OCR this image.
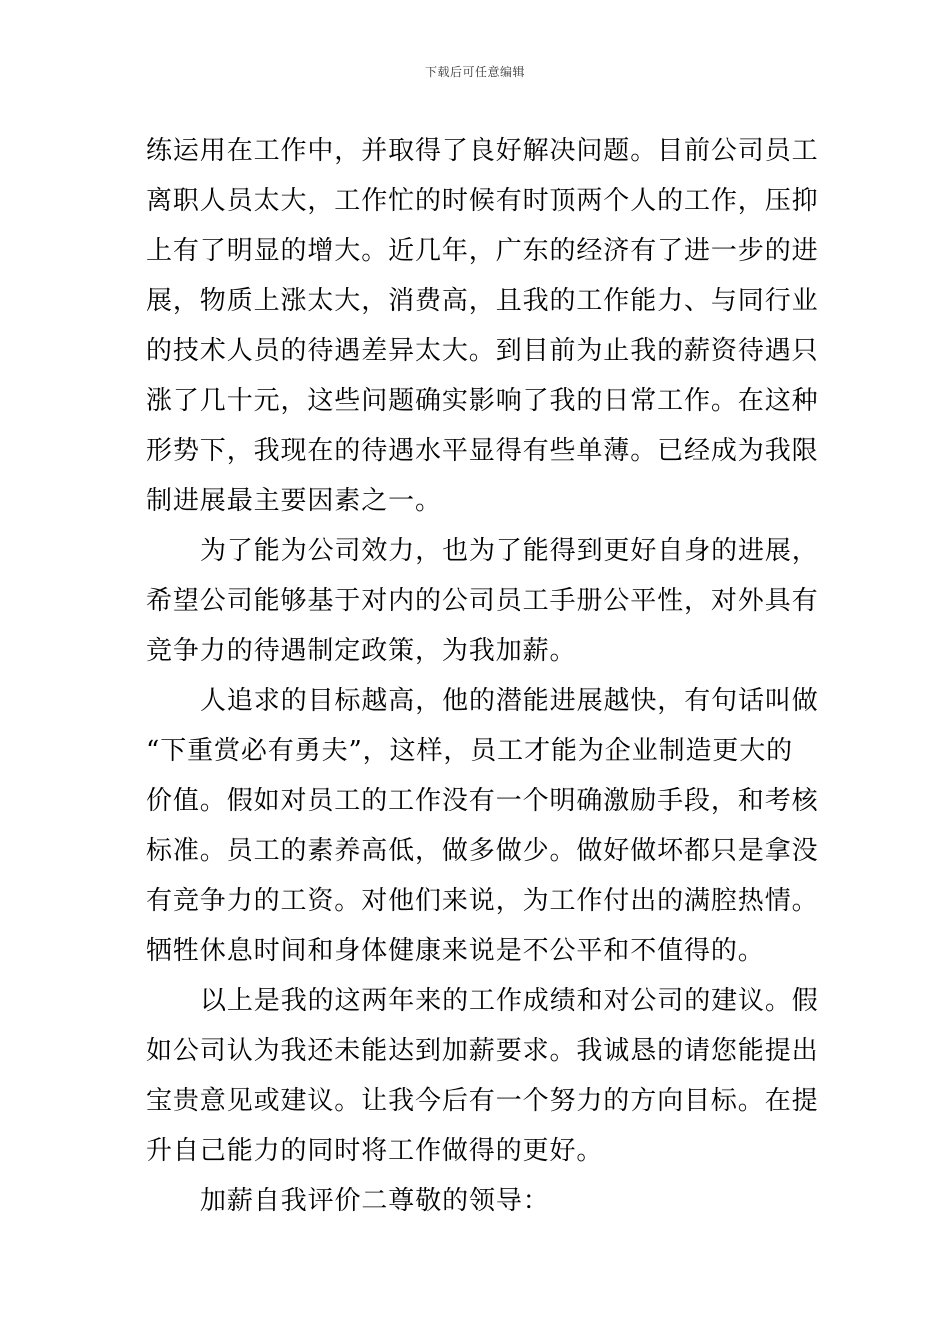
下载后可任意编辑
练运用在工作中，并取得了良好解决问题。目前公司员工
离职人员太大，工作忙的时候有时顶两个人的工作，压抑
上有了明显的增大。近几年，广东的经济有了进一步的进
展，物质上涨太大，消费高，且我的工作能力、与同行业
的技术人员的待遇差异太大。到目前为止我的薪资待遇只
涨了几十元，这些问题确实影响了我的日常工作。在这种
形势下，我现在的待遇水平显得有些单薄。已经成为我限
制进展最主要因素之一。
为了能为公司效力，也为了能得到更好自身的进展，
希望公司能够基于对内的公司员工手册公平性，对外具有
竞争力的待遇制定政策，为我加薪。
人追求的目标越高，他的潜能进展越快，有句话叫做
“下重赏必有勇夫”，这样，员工才能为企业制造更大的
价值。假如对员工的工作没有一个明确激励手段，和考核
标准。员工的素养高低，做多做少。做好做坏都只是拿没
有竞争力的工资。对他们来说，为工作付出的满腔热情。
牺牲休息时间和身体健康来说是不公平和不值得的。
以上是我的这两年来的工作成绩和对公司的建议。假
如公司认为我还未能达到加薪要求。我诚恳的请您能提出
宝贵意见或建议。让我今后有一个努力的方向目标。在提
升自己能力的同时将工作做得的更好。
加薪自我评价二尊敬的领导：
